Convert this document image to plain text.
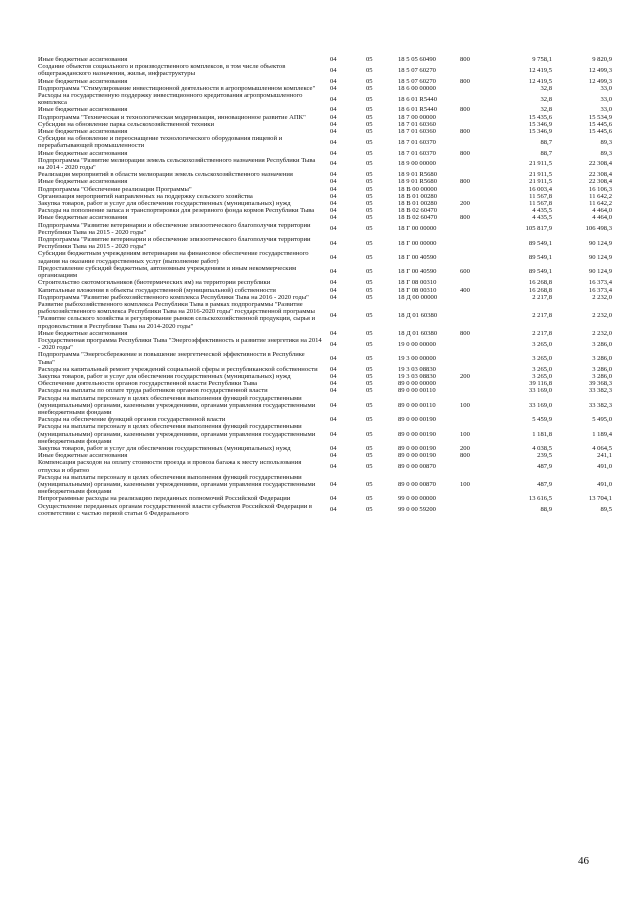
Иные бюджетные ассигнования	04	05	18 5 05 60490	800	9 758,1	9 820,9
Создание объектов социального и производственного комплексов, в том числе объектов общегражданского назначения, жилья, инфраструктуры	04	05	18 5 07 60270		12 419,5	12 499,3
Иные бюджетные ассигнования	04	05	18 5 07 60270	800	12 419,5	12 499,3
Подпрограмма "Стимулирование инвестиционной деятельности в агропромышленном комплексе"	04	05	18 6 00 00000		32,8	33,0
Расходы на государственную поддержку инвестиционного кредитования агропромышленного комплекса	04	05	18 6 01 R5440		32,8	33,0
Иные бюджетные ассигнования	04	05	18 6 01 R5440	800	32,8	33,0
Подпрограмма "Техническая и технологическая модернизация, инновационное развитие АПК"	04	05	18 7 00 00000		15 435,6	15 534,9
Субсидии на обновление парка сельскохозяйственной техники	04	05	18 7 01 60360		15 346,9	15 445,6
Иные бюджетные ассигнования	04	05	18 7 01 60360	800	15 346,9	15 445,6
Субсидии на обновление и переоснащение технологического оборудования пищевой и перерабатывающей промышленности	04	05	18 7 01 60370		88,7	89,3
Иные бюджетные ассигнования	04	05	18 7 01 60370	800	88,7	89,3
Подпрограмма "Развитие мелиорации земель сельскохозяйственного назначения Республики Тыва на 2014 - 2020 годы"	04	05	18 9 00 00000		21 911,5	22 308,4
Реализация мероприятий в области мелиорации земель сельскохозяйственного назначения	04	05	18 9 01 R5680		21 911,5	22 308,4
Иные бюджетные ассигнования	04	05	18 9 01 R5680	800	21 911,5	22 308,4
Подпрограмма "Обеспечение реализации Программы"	04	05	18 В 00 00000		16 003,4	16 106,3
Организация мероприятий направленных на поддержку сельского хозяйства	04	05	18 В 01 00280		11 567,8	11 642,2
Закупка товаров, работ и услуг для обеспечения государственных (муниципальных) нужд	04	05	18 В 01 00280	200	11 567,8	11 642,2
Расходы на пополнение запаса и транспортировки для резервного фонда кормов Республики Тыва	04	05	18 В 02 60470		4 435,5	4 464,0
Иные бюджетные ассигнования	04	05	18 В 02 60470	800	4 435,5	4 464,0
Подпрограмма "Развитие ветеринарии и обеспечение эпизоотического благополучия территории Республики Тыва на 2015 - 2020 годы"	04	05	18 Г 00 00000		105 817,9	106 498,3
Подпрограмма "Развитие ветеринарии и обеспечение эпизоотического благополучия территории Республики Тыва на 2015 - 2020 годы"	04	05	18 Г 00 00000		89 549,1	90 124,9
Субсидии бюджетным учреждениям ветеринарии на финансовое обеспечение государственного задания на оказание государственных услуг (выполнение работ)	04	05	18 Г 00 40590		89 549,1	90 124,9
Предоставление субсидий бюджетным, автономным учреждениям и иным некоммерческим организациям	04	05	18 Г 00 40590	600	89 549,1	90 124,9
Строительство скотомогильников (биотермических ям) на территории республики	04	05	18 Г 08 00310		16 268,8	16 373,4
Капитальные вложения в объекты государственной (муниципальной) собственности	04	05	18 Г 08 00310	400	16 268,8	16 373,4
Подпрограмма "Развитие рыбохозяйственного комплекса Республики Тыва на 2016 - 2020 годы"	04	05	18 Д 00 00000		2 217,8	2 232,0
Развитие рыбохозяйственного комплекса Республики Тыва в рамках подпрограммы "Развитие рыбохозяйственного комплекса Республики Тыва на 2016-2020 годы" государственной программы "Развитие сельского хозяйства и регулирование рынков сельскохозяйственной продукции, сырья и продовольствия в Республике Тыва на 2014-2020 годы"	04	05	18 Д 01 60380		2 217,8	2 232,0
Иные бюджетные ассигнования	04	05	18 Д 01 60380	800	2 217,8	2 232,0
Государственная программа Республики Тыва "Энергоэффективность и развитие энергетики на 2014 - 2020 годы"	04	05	19 0 00 00000		3 265,0	3 286,0
Подпрограмма "Энергосбережение и повышение энергетической эффективности в Республике Тыва"	04	05	19 3 00 00000		3 265,0	3 286,0
Расходы на капитальный ремонт учреждений социальной сферы и республиканской собственности	04	05	19 3 03 08830		3 265,0	3 286,0
Закупка товаров, работ и услуг для обеспечения государственных (муниципальных) нужд	04	05	19 3 03 08830	200	3 265,0	3 286,0
Обеспечение деятельности органов государственной власти Республики Тыва	04	05	89 0 00 00000		39 116,8	39 368,3
Расходы на выплаты по оплате труда работников органов государственной власти	04	05	89 0 00 00110		33 169,0	33 382,3
Расходы на выплаты персоналу в целях обеспечения выполнения функций государственными (муниципальными) органами, казенными учреждениями, органами управления государственными внебюджетными фондами	04	05	89 0 00 00110	100	33 169,0	33 382,3
Расходы на обеспечение функций органов государственной власти	04	05	89 0 00 00190		5 459,9	5 495,0
Расходы на выплаты персоналу в целях обеспечения выполнения функций государственными (муниципальными) органами, казенными учреждениями, органами управления государственными внебюджетными фондами	04	05	89 0 00 00190	100	1 181,8	1 189,4
Закупка товаров, работ и услуг для обеспечения государственных (муниципальных) нужд	04	05	89 0 00 00190	200	4 038,5	4 064,5
Иные бюджетные ассигнования	04	05	89 0 00 00190	800	239,5	241,1
Компенсация расходов на оплату стоимости проезда и провоза багажа к месту использования отпуска и обратно	04	05	89 0 00 00870		487,9	491,0
Расходы на выплаты персоналу в целях обеспечения выполнения функций государственными (муниципальными) органами, казенными учреждениями, органами управления государственными внебюджетными фондами	04	05	89 0 00 00870	100	487,9	491,0
Непрограммные расходы на реализацию переданных полномочий Российской Федерации	04	05	99 0 00 00000		13 616,5	13 704,1
Осуществление переданных органам государственной власти субъектов Российской Федерации в соответствии с частью первой статьи 6 Федерального	04	05	99 0 00 59200		88,9	89,5
46
